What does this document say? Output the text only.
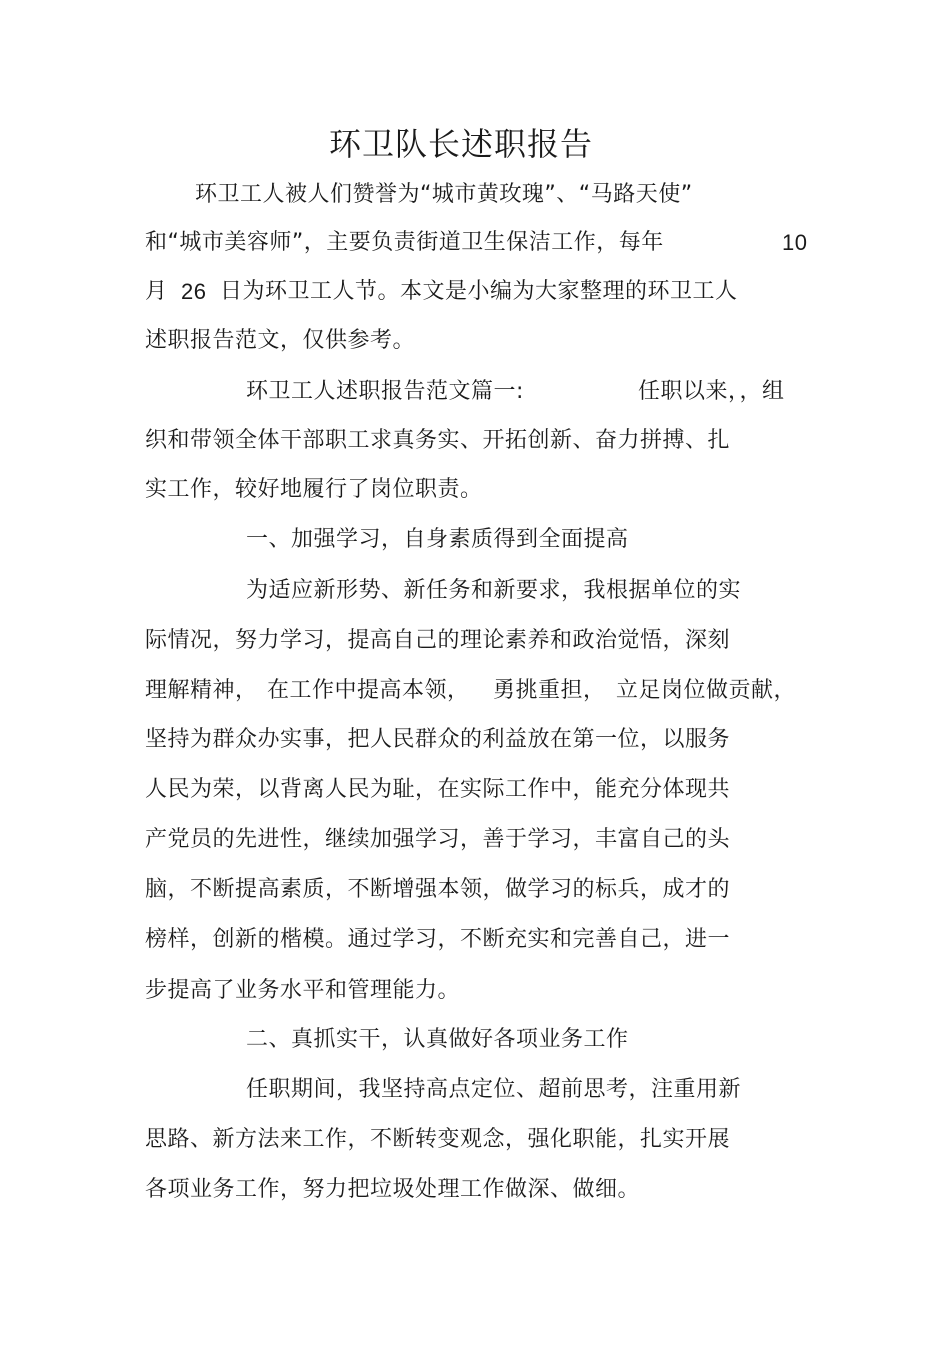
环卫队长述职报告
环卫工人被人们赞誉为“城市黄玫瑰”、“马路天使”
和“城市美容师”，主要负责街道卫生保洁工作，每年	10
月 26 日为环卫工人节。本文是小编为大家整理的环卫工人
述职报告范文，仅供参考。
环卫工人述职报告范文篇一:	任职以来，，组
织和带领全体干部职工求真务实、开拓创新、奋力拼搏、扎
实工作，较好地履行了岗位职责。
一、加强学习，自身素质得到全面提高
为适应新形势、新任务和新要求，我根据单位的实
际情况，努力学习，提高自己的理论素养和政治觉悟，深刻
理解精神， 在工作中提高本领， 勇挑重担， 立足岗位做贡献，
坚持为群众办实事，把人民群众的利益放在第一位，以服务
人民为荣，以背离人民为耻，在实际工作中，能充分体现共
产党员的先进性，继续加强学习，善于学习，丰富自己的头
脑，不断提高素质，不断增强本领，做学习的标兵，成才的
榜样，创新的楷模。通过学习，不断充实和完善自己，进一
步提高了业务水平和管理能力。
二、真抓实干，认真做好各项业务工作
任职期间，我坚持高点定位、超前思考，注重用新
思路、新方法来工作，不断转变观念，强化职能，扎实开展
各项业务工作，努力把垃圾处理工作做深、做细。
